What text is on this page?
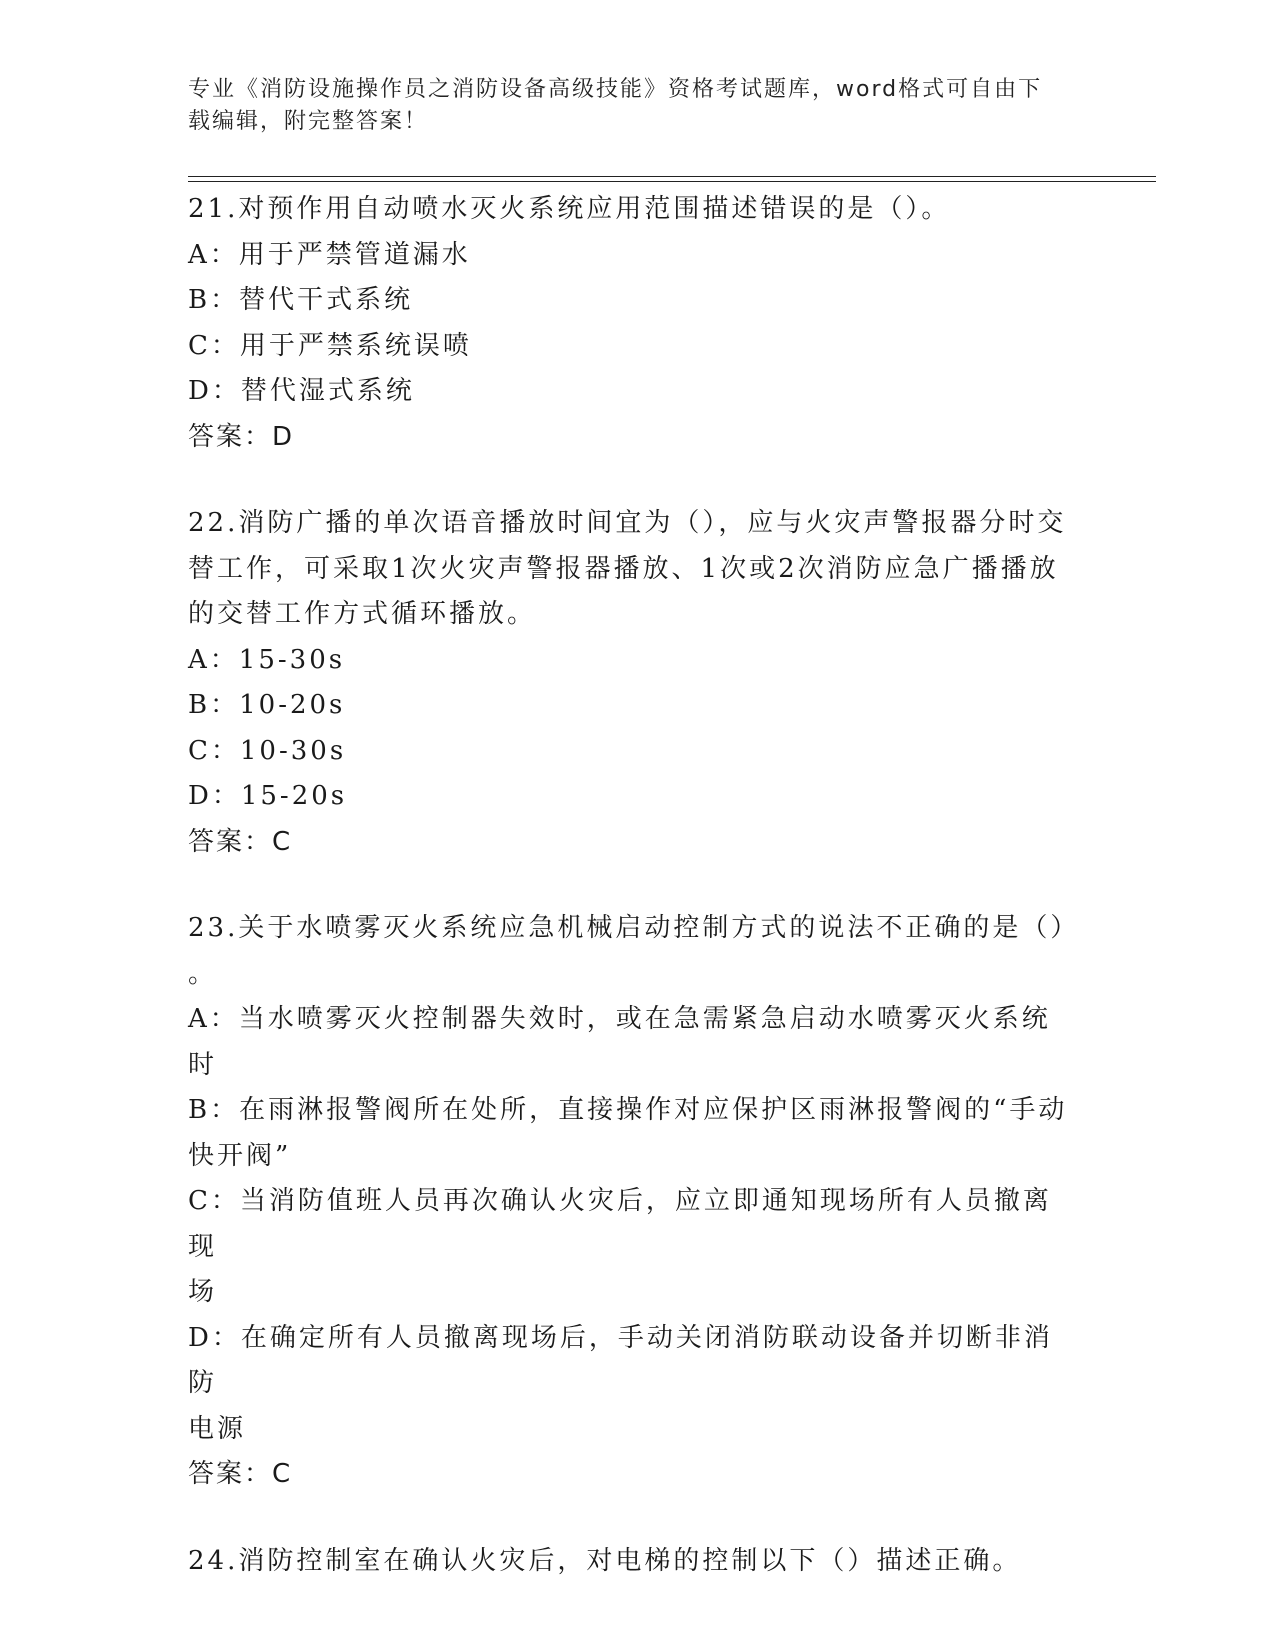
专业《消防设施操作员之消防设备高级技能》资格考试题库，word格式可自由下
载编辑，附完整答案！

21.对预作用自动喷水灭火系统应用范围描述错误的是（）。

A：用于严禁管道漏水

B：替代干式系统

C：用于严禁系统误喷

D：替代湿式系统

答案：D

22.消防广播的单次语音播放时间宜为（），应与火灾声警报器分时交

替工作，可采取1次火灾声警报器播放、1次或2次消防应急广播播放

的交替工作方式循环播放。

A：15-30s

B：10-20s

C：10-30s

D：15-20s

答案：C

23.关于水喷雾灭火系统应急机械启动控制方式的说法不正确的是（）

。

A：当水喷雾灭火控制器失效时，或在急需紧急启动水喷雾灭火系统时

B：在雨淋报警阀所在处所，直接操作对应保护区雨淋报警阀的“手动

快开阀”

C：当消防值班人员再次确认火灾后，应立即通知现场所有人员撤离现

场

D：在确定所有人员撤离现场后，手动关闭消防联动设备并切断非消防

电源

答案：C

24.消防控制室在确认火灾后，对电梯的控制以下（）描述正确。
